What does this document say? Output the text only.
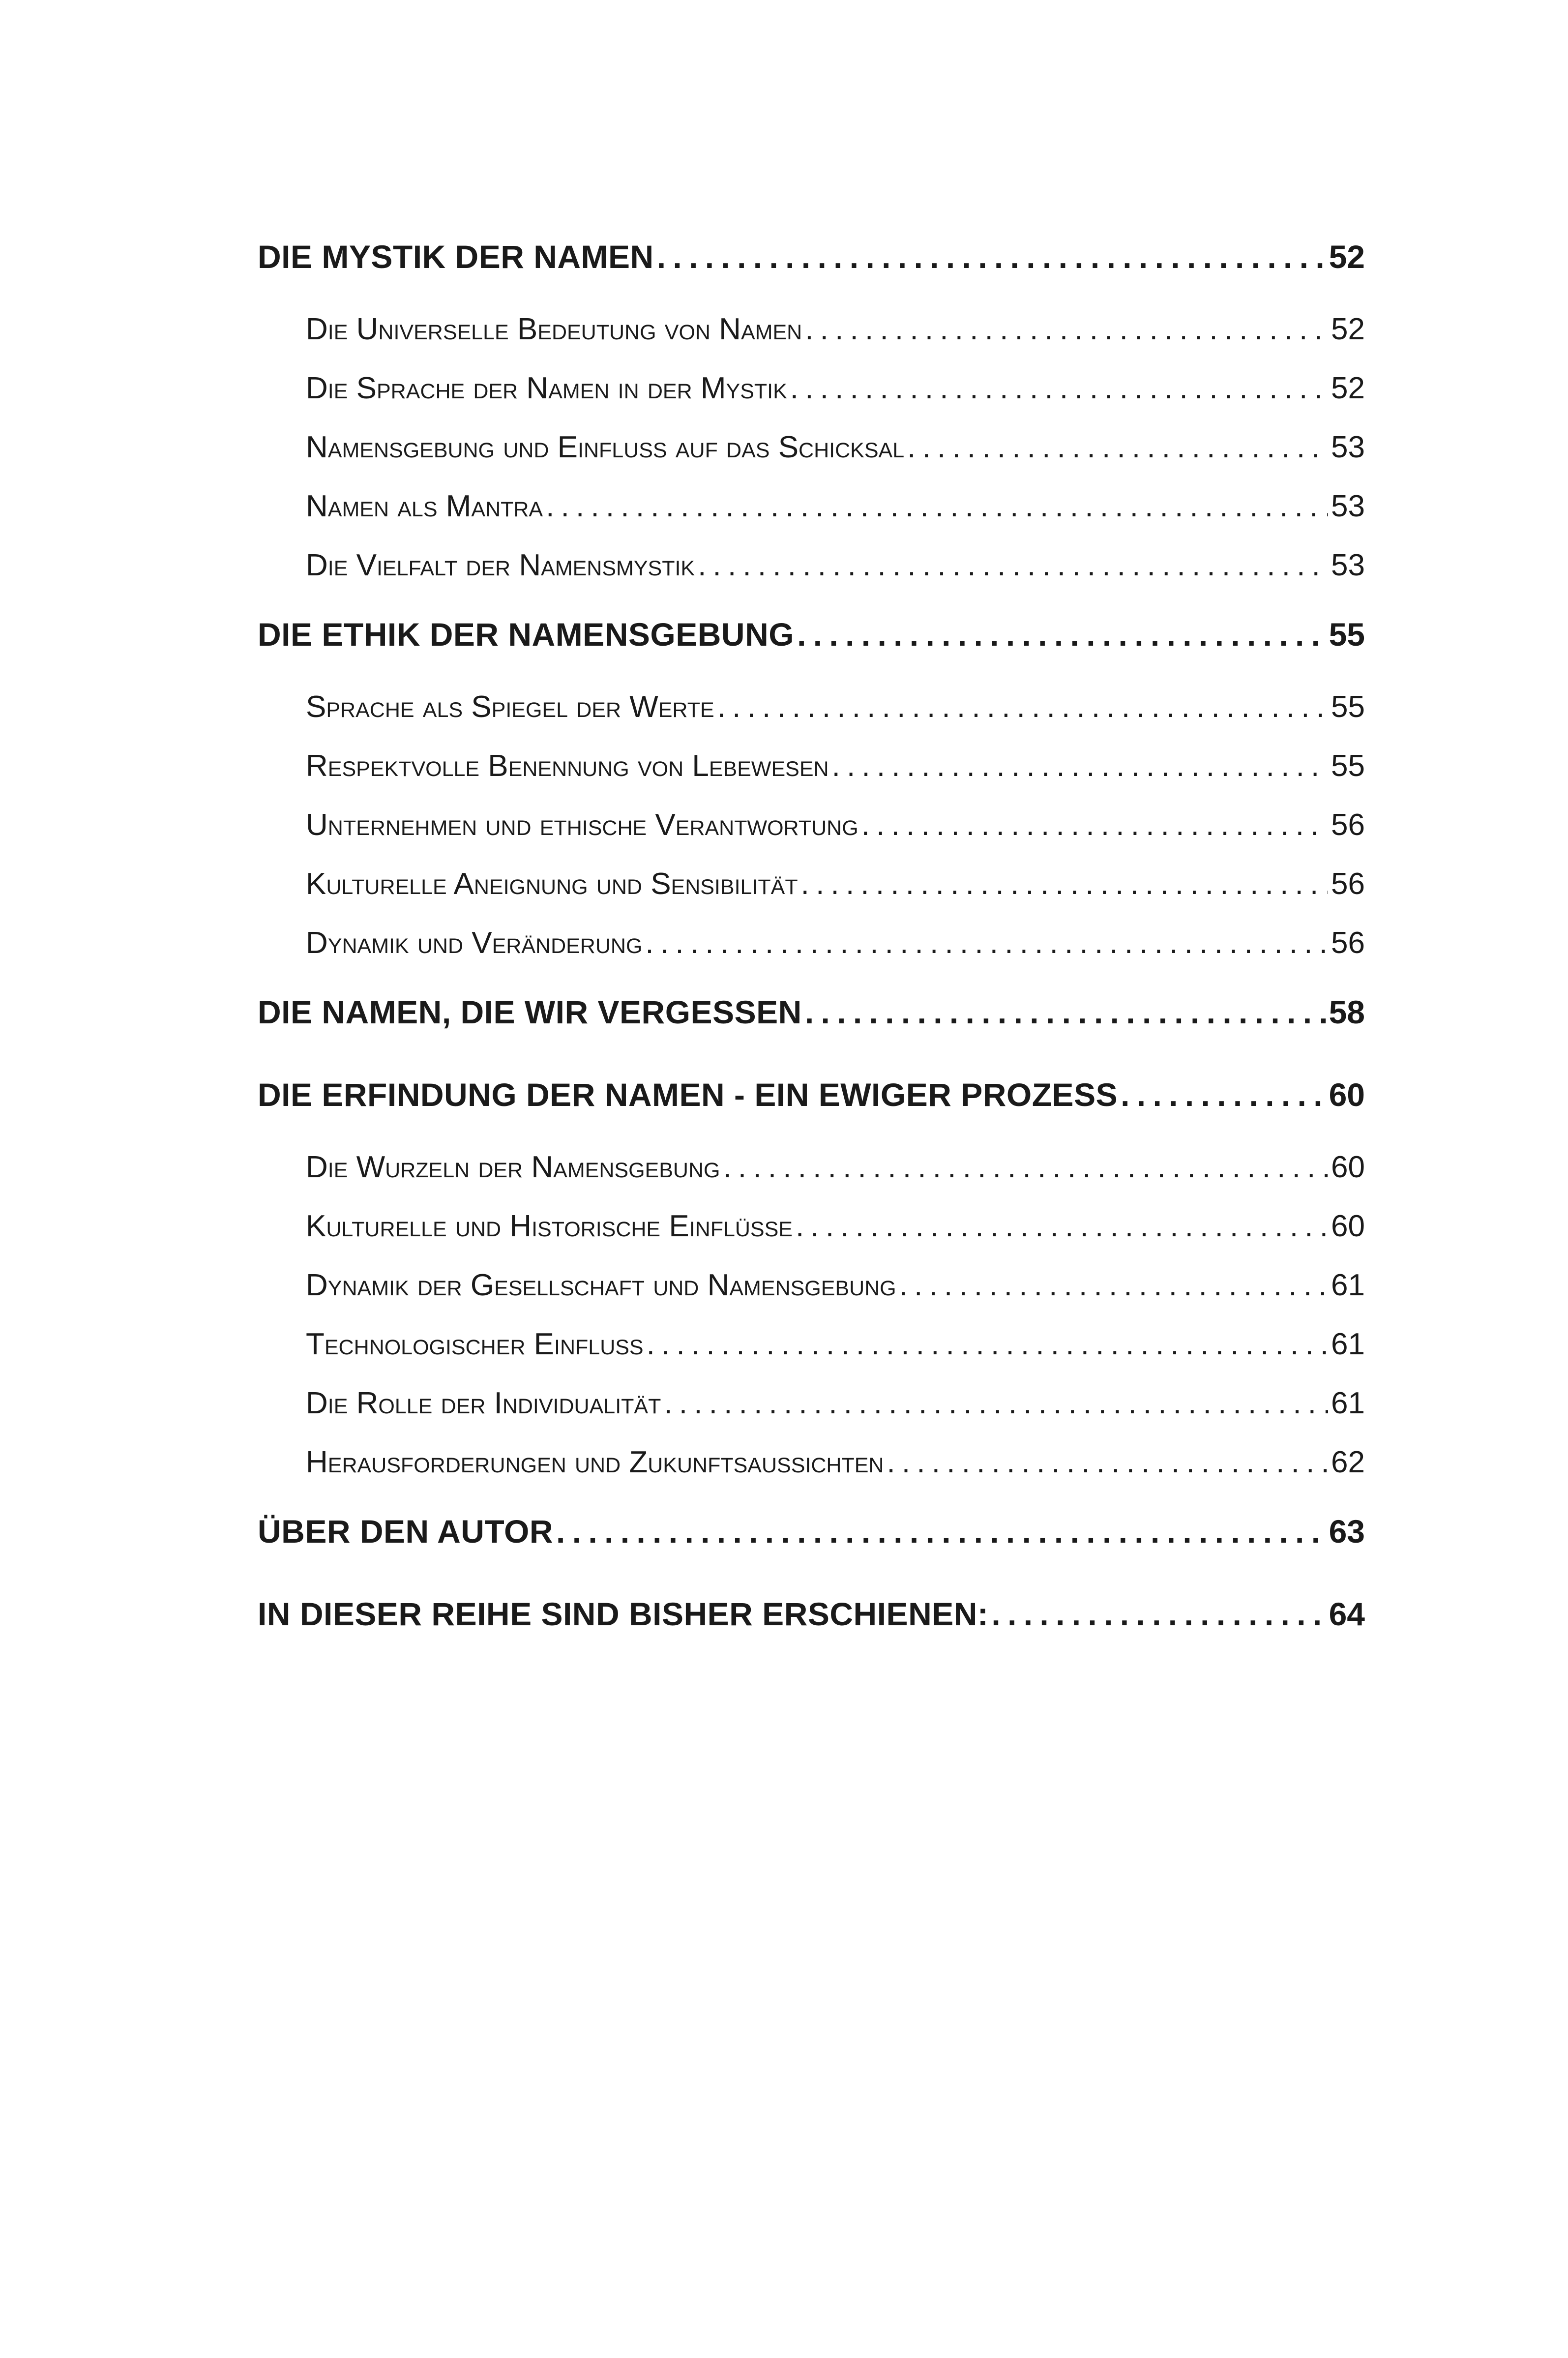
DIE MYSTIK DER NAMEN . . .	52
Die Universelle Bedeutung von Namen . . .	52
Die Sprache der Namen in der Mystik . . .	52
Namensgebung und Einfluss auf das Schicksal . . .	53
Namen als Mantra . . .	53
Die Vielfalt der Namensmystik . . .	53
DIE ETHIK DER NAMENSGEBUNG . . .	55
Sprache als Spiegel der Werte . . .	55
Respektvolle Benennung von Lebewesen . . .	55
Unternehmen und ethische Verantwortung . . .	56
Kulturelle Aneignung und Sensibilität . . .	56
Dynamik und Veränderung . . .	56
DIE NAMEN, DIE WIR VERGESSEN . . .	58
DIE ERFINDUNG DER NAMEN - EIN EWIGER PROZESS . . .	60
Die Wurzeln der Namensgebung . . .	60
Kulturelle und Historische Einflüsse . . .	60
Dynamik der Gesellschaft und Namensgebung . . .	61
Technologischer Einfluss . . .	61
Die Rolle der Individualität . . .	61
Herausforderungen und Zukunftsaussichten . . .	62
ÜBER DEN AUTOR . . .	63
IN DIESER REIHE SIND BISHER ERSCHIENEN: . . .	64
